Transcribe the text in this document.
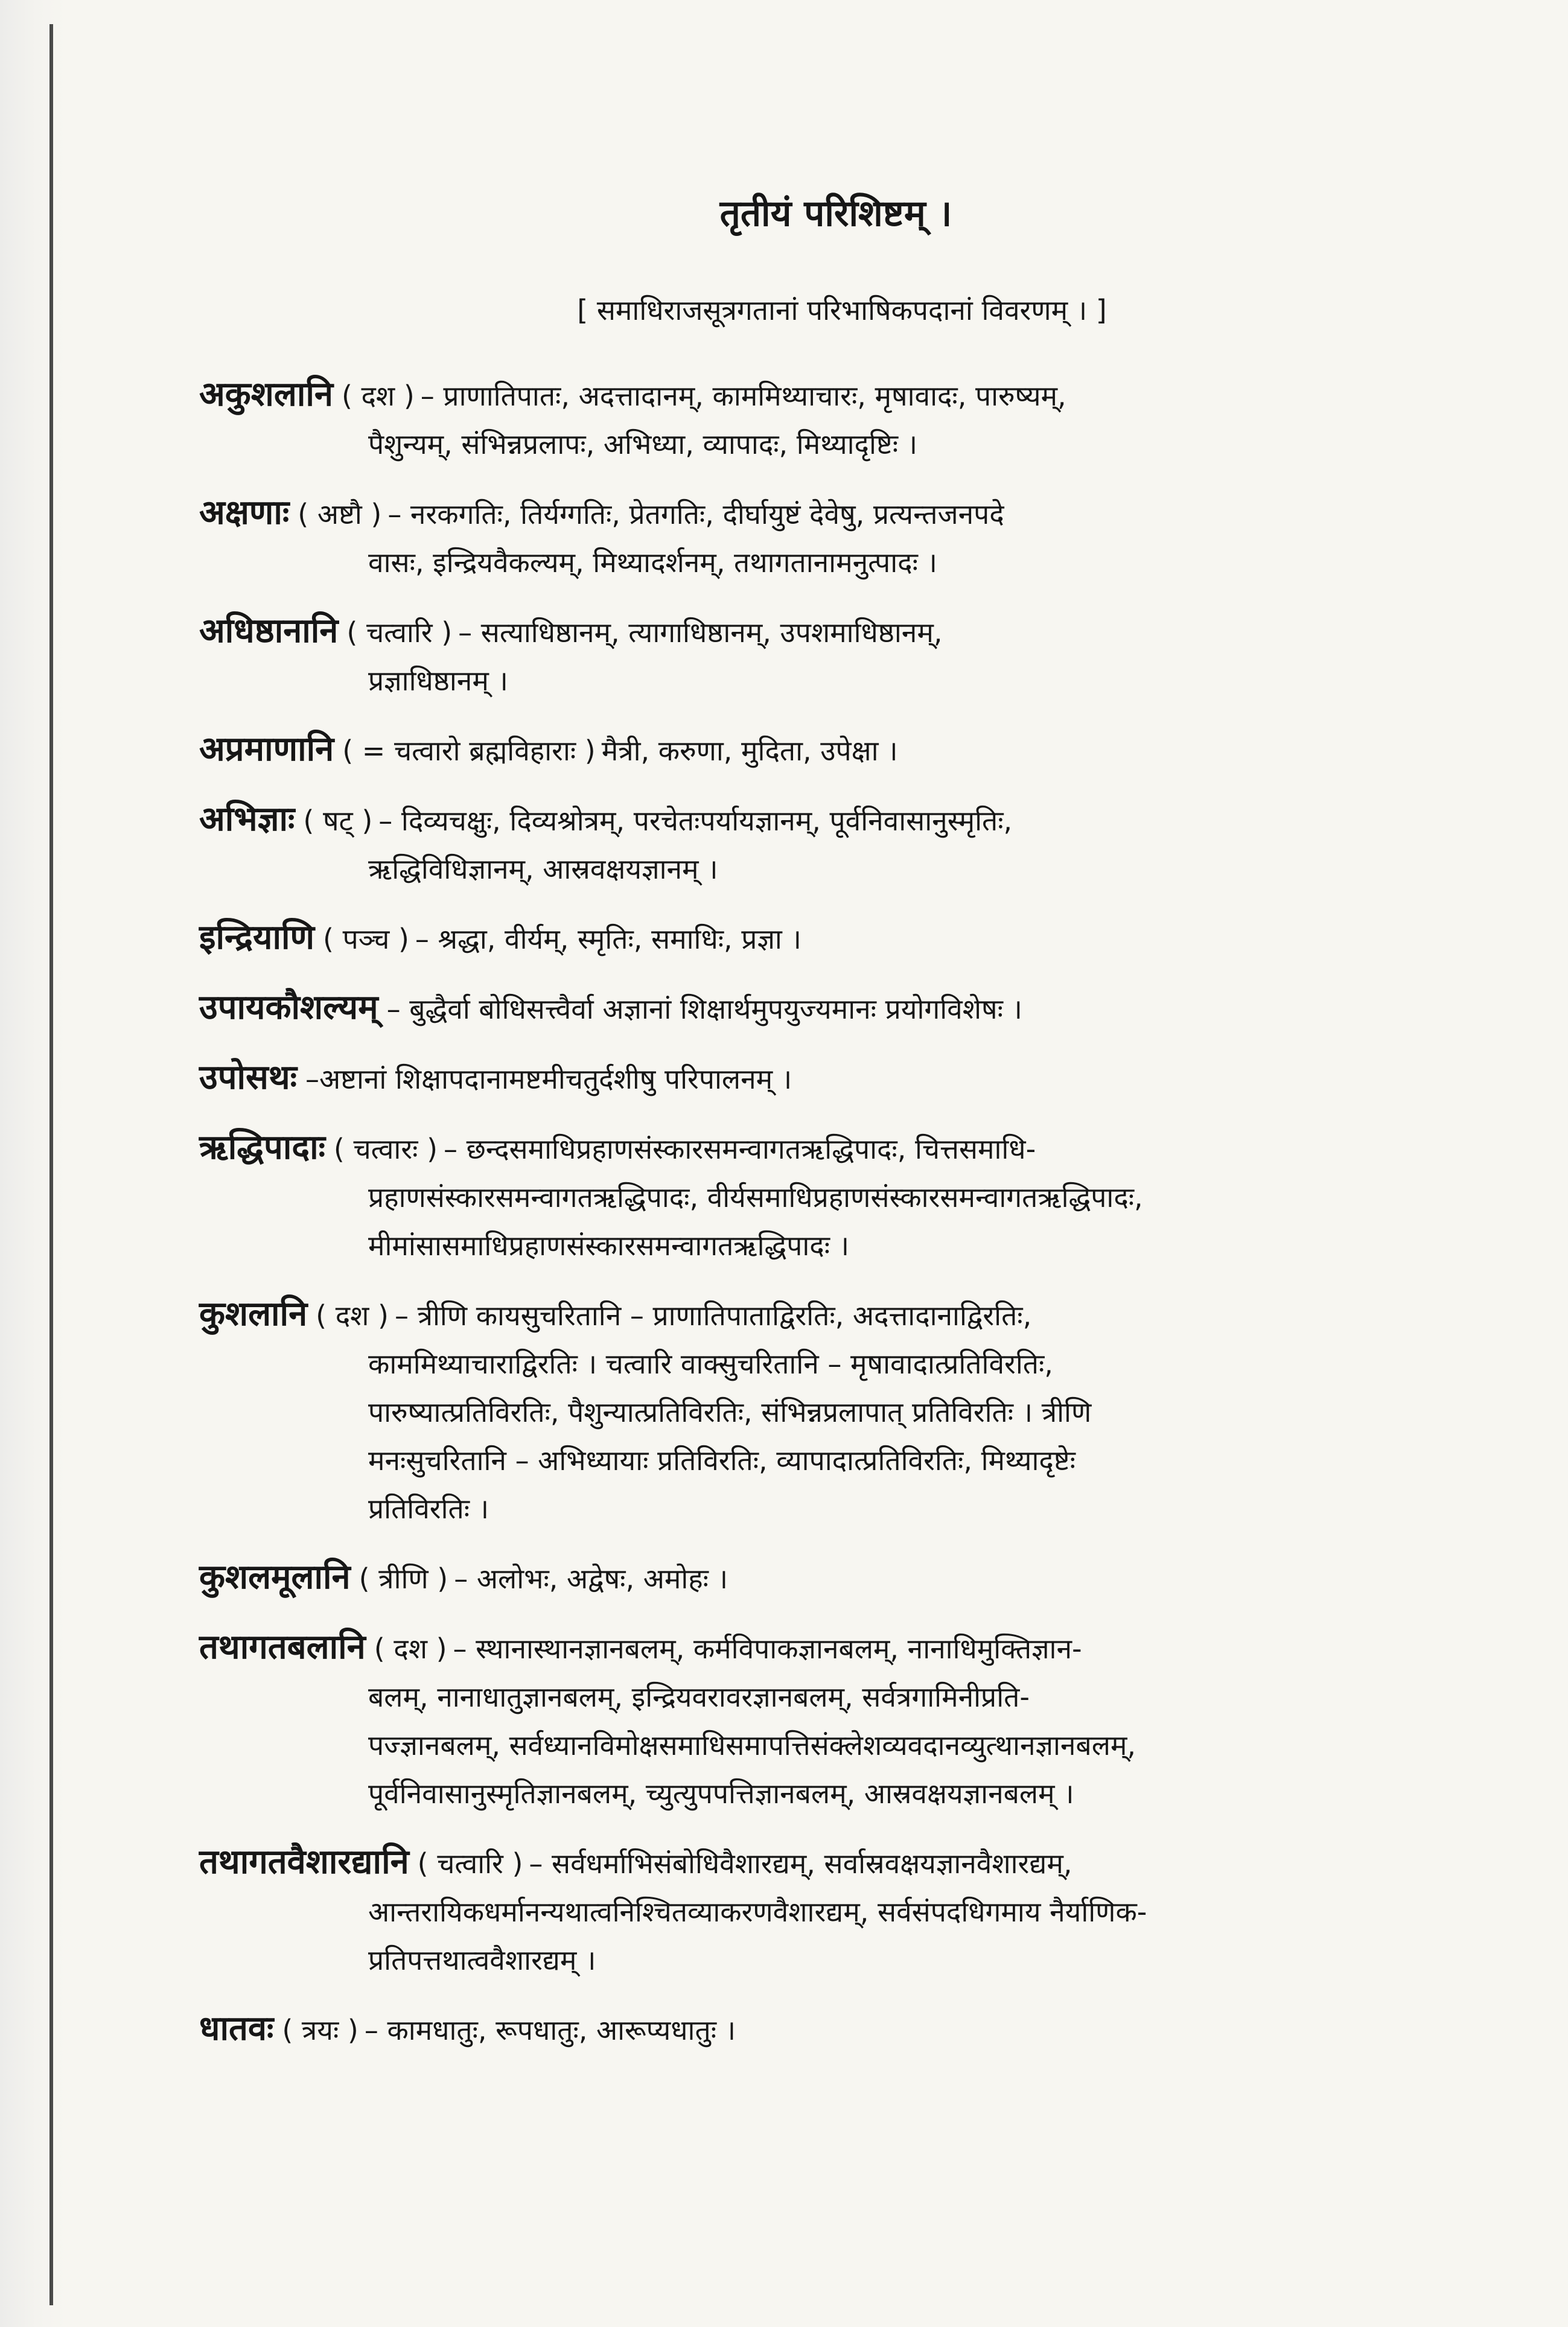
तृतीयं परिशिष्टम् ।
[ समाधिराजसूत्रगतानां परिभाषिकपदानां विवरणम् । ]
अकुशलानि ( दश ) – प्राणातिपातः, अदत्तादानम्, काममिथ्याचारः, मृषावादः, पारुष्यम्,
पैशुन्यम्, संभिन्नप्रलापः, अभिध्या, व्यापादः, मिथ्यादृष्टिः ।
अक्षणाः ( अष्टौ ) – नरकगतिः, तिर्यग्गतिः, प्रेतगतिः, दीर्घायुष्टं देवेषु, प्रत्यन्तजनपदे
वासः, इन्द्रियवैकल्यम्, मिथ्यादर्शनम्, तथागतानामनुत्पादः ।
अधिष्ठानानि ( चत्वारि ) – सत्याधिष्ठानम्, त्यागाधिष्ठानम्, उपशमाधिष्ठानम्,
प्रज्ञाधिष्ठानम् ।
अप्रमाणानि ( = चत्वारो ब्रह्मविहाराः ) मैत्री, करुणा, मुदिता, उपेक्षा ।
अभिज्ञाः ( षट् ) – दिव्यचक्षुः, दिव्यश्रोत्रम्, परचेतःपर्यायज्ञानम्, पूर्वनिवासानुस्मृतिः,
ऋद्धिविधिज्ञानम्, आस्रवक्षयज्ञानम् ।
इन्द्रियाणि ( पञ्च ) – श्रद्धा, वीर्यम्, स्मृतिः, समाधिः, प्रज्ञा ।
उपायकौशल्यम् – बुद्धैर्वा बोधिसत्त्वैर्वा अज्ञानां शिक्षार्थमुपयुज्यमानः प्रयोगविशेषः ।
उपोसथः –अष्टानां शिक्षापदानामष्टमीचतुर्दशीषु परिपालनम् ।
ऋद्धिपादाः ( चत्वारः ) – छन्दसमाधिप्रहाणसंस्कारसमन्वागतऋद्धिपादः, चित्तसमाधि-
प्रहाणसंस्कारसमन्वागतऋद्धिपादः, वीर्यसमाधिप्रहाणसंस्कारसमन्वागतऋद्धिपादः,
मीमांसासमाधिप्रहाणसंस्कारसमन्वागतऋद्धिपादः ।
कुशलानि ( दश ) – त्रीणि कायसुचरितानि – प्राणातिपाताद्विरतिः, अदत्तादानाद्विरतिः,
काममिथ्याचाराद्विरतिः । चत्वारि वाक्सुचरितानि – मृषावादात्प्रतिविरतिः,
पारुष्यात्प्रतिविरतिः, पैशुन्यात्प्रतिविरतिः, संभिन्नप्रलापात् प्रतिविरतिः । त्रीणि
मनःसुचरितानि – अभिध्यायाः प्रतिविरतिः, व्यापादात्प्रतिविरतिः, मिथ्यादृष्टेः
प्रतिविरतिः ।
कुशलमूलानि ( त्रीणि ) – अलोभः, अद्वेषः, अमोहः ।
तथागतबलानि ( दश ) – स्थानास्थानज्ञानबलम्, कर्मविपाकज्ञानबलम्, नानाधिमुक्तिज्ञान-
बलम्, नानाधातुज्ञानबलम्, इन्द्रियवरावरज्ञानबलम्, सर्वत्रगामिनीप्रति-
पज्ज्ञानबलम्, सर्वध्यानविमोक्षसमाधिसमापत्तिसंक्लेशव्यवदानव्युत्थानज्ञानबलम्,
पूर्वनिवासानुस्मृतिज्ञानबलम्, च्युत्युपपत्तिज्ञानबलम्, आस्रवक्षयज्ञानबलम् ।
तथागतवैशारद्यानि ( चत्वारि ) – सर्वधर्माभिसंबोधिवैशारद्यम्, सर्वास्रवक्षयज्ञानवैशारद्यम्,
आन्तरायिकधर्मानन्यथात्वनिश्चितव्याकरणवैशारद्यम्, सर्वसंपदधिगमाय नैर्याणिक-
प्रतिपत्तथात्ववैशारद्यम् ।
धातवः ( त्रयः ) – कामधातुः, रूपधातुः, आरूप्यधातुः ।
